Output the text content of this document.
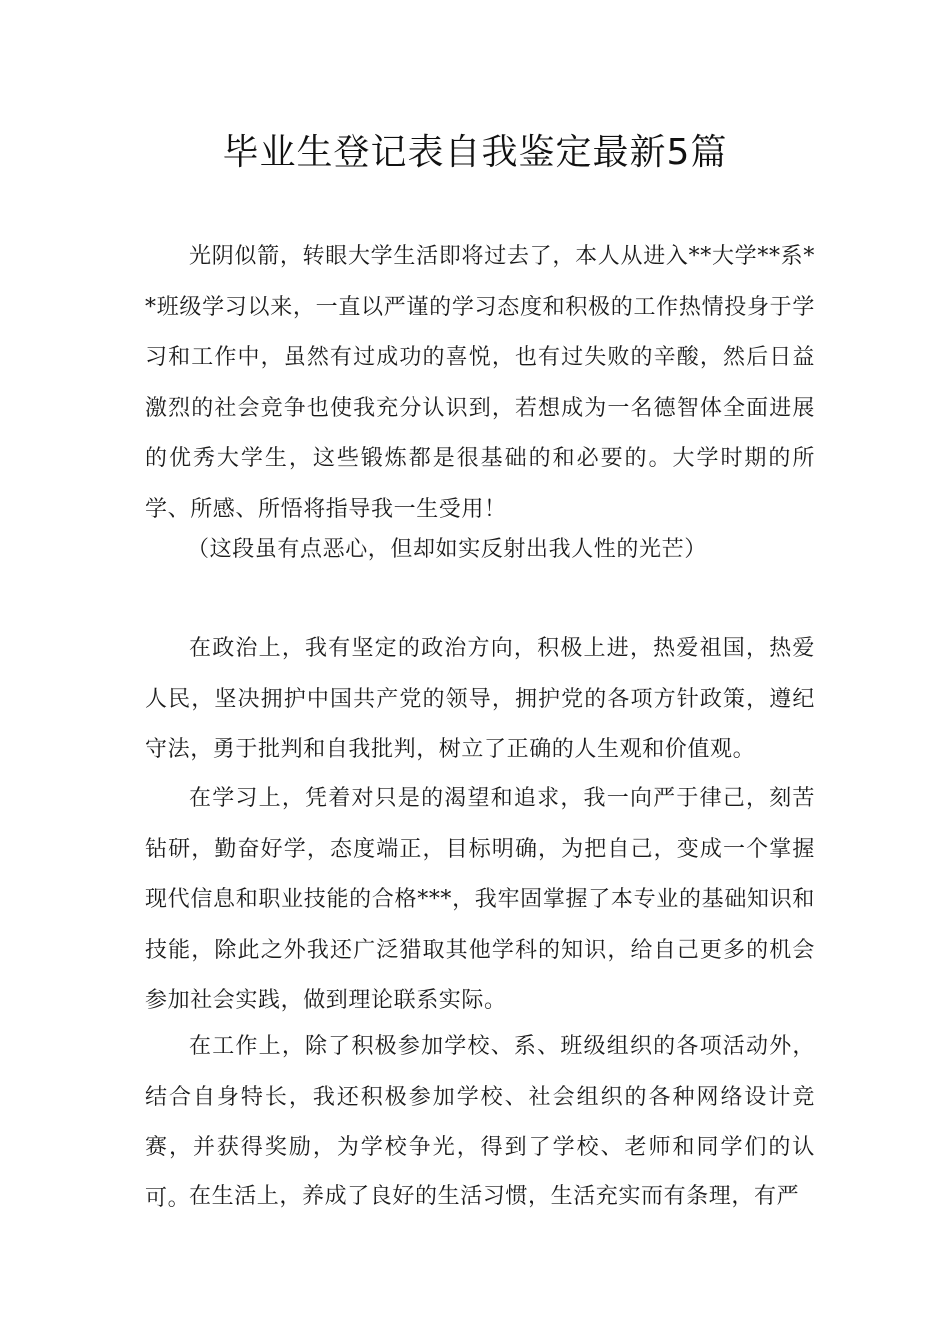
毕业生登记表自我鉴定最新5篇

光阴似箭，转眼大学生活即将过去了，本人从进入**大学**系**班级学习以来，一直以严谨的学习态度和积极的工作热情投身于学习和工作中，虽然有过成功的喜悦，也有过失败的辛酸，然后日益激烈的社会竞争也使我充分认识到，若想成为一名德智体全面进展的优秀大学生，这些锻炼都是很基础的和必要的。大学时期的所学、所感、所悟将指导我一生受用！

（这段虽有点恶心，但却如实反射出我人性的光芒）

在政治上，我有坚定的政治方向，积极上进，热爱祖国，热爱人民，坚决拥护中国共产党的领导，拥护党的各项方针政策，遵纪守法，勇于批判和自我批判，树立了正确的人生观和价值观。

在学习上，凭着对只是的渴望和追求，我一向严于律己，刻苦钻研，勤奋好学，态度端正，目标明确，为把自己，变成一个掌握现代信息和职业技能的合格***，我牢固掌握了本专业的基础知识和技能，除此之外我还广泛猎取其他学科的知识，给自己更多的机会参加社会实践，做到理论联系实际。

在工作上，除了积极参加学校、系、班级组织的各项活动外，结合自身特长，我还积极参加学校、社会组织的各种网络设计竞赛，并获得奖励，为学校争光，得到了学校、老师和同学们的认可。

在生活上，养成了良好的生活习惯，生活充实而有条理，有严
